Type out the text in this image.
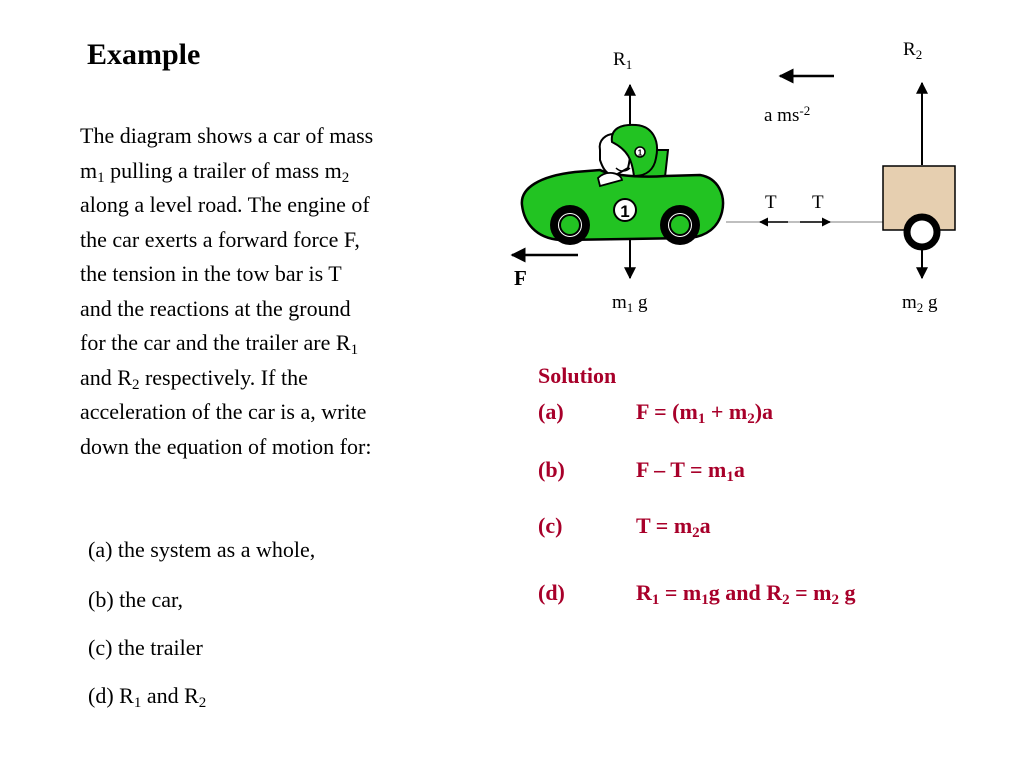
Example
The diagram shows a car of mass
$m_1$ pulling a trailer of mass $m_2$
along a level road. The engine of
the car exerts a forward force F,
the tension in the tow bar is T
and the reactions at the ground
for the car and the trailer are $R_1$
and $R_2$ respectively. If the
acceleration of the car is a, write
down the equation of motion for:
(a) the system as a whole,
(b) the car,
(c) the trailer
(d) $R_1$ and $R_2$
1
1
$R_1$
$R_2$
a $ms^{-2}$
T T
F
$m_1$ g	$m_2$ g
Solution
(a)	$F = (m_1 + m_2)a$
(b)	$F - T = m_1a$
(c)	$T = m_2a$
(d)	$R_1 = m_1g$ and $R_2 = m_2$ g
